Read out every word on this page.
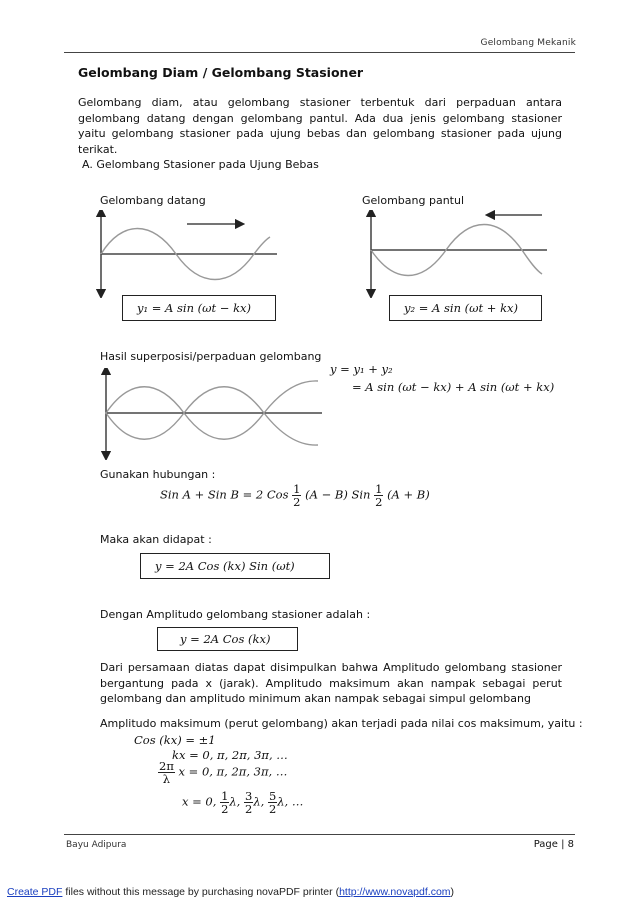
Gelombang Mekanik
Gelombang Diam / Gelombang Stasioner
Gelombang diam, atau gelombang stasioner terbentuk dari perpaduan antara gelombang datang dengan gelombang pantul. Ada dua jenis gelombang stasioner yaitu gelombang stasioner pada ujung bebas dan gelombang stasioner pada ujung terikat.
A. Gelombang Stasioner pada Ujung Bebas
Gelombang datang	Gelombang pantul
y₁ = A sin (ωt − kx)	y₂ = A sin (ωt + kx)
Hasil superposisi/perpaduan gelombang
y = y₁ + y₂
= A sin (ωt − kx) + A sin (ωt + kx)
Gunakan hubungan :
Sin A + Sin B = 2 Cos $\frac{1}{2} (A - B)$ Sin $\frac{1}{2} (A + B)$
Maka akan didapat :
y = 2A Cos (kx) Sin (ωt)
Dengan Amplitudo gelombang stasioner adalah :
y = 2A Cos (kx)
Dari persamaan diatas dapat disimpulkan bahwa Amplitudo gelombang stasioner bergantung pada x (jarak). Amplitudo maksimum akan nampak sebagai perut gelombang dan amplitudo minimum akan nampak sebagai simpul gelombang
Amplitudo maksimum (perut gelombang) akan terjadi pada nilai cos maksimum, yaitu :
Cos (kx) = ±1
kx = 0, π, 2π, 3π, …
$\frac{2\pi}{\lambda}$ x = 0, π, 2π, 3π, …
x = 0, $\frac{1}{2} \lambda$, $\frac{3}{2} \lambda$, $\frac{5}{2} \lambda$, …
Bayu Adipura	Page | 8
Create PDF files without this message by purchasing novaPDF printer (http://www.novapdf.com)
